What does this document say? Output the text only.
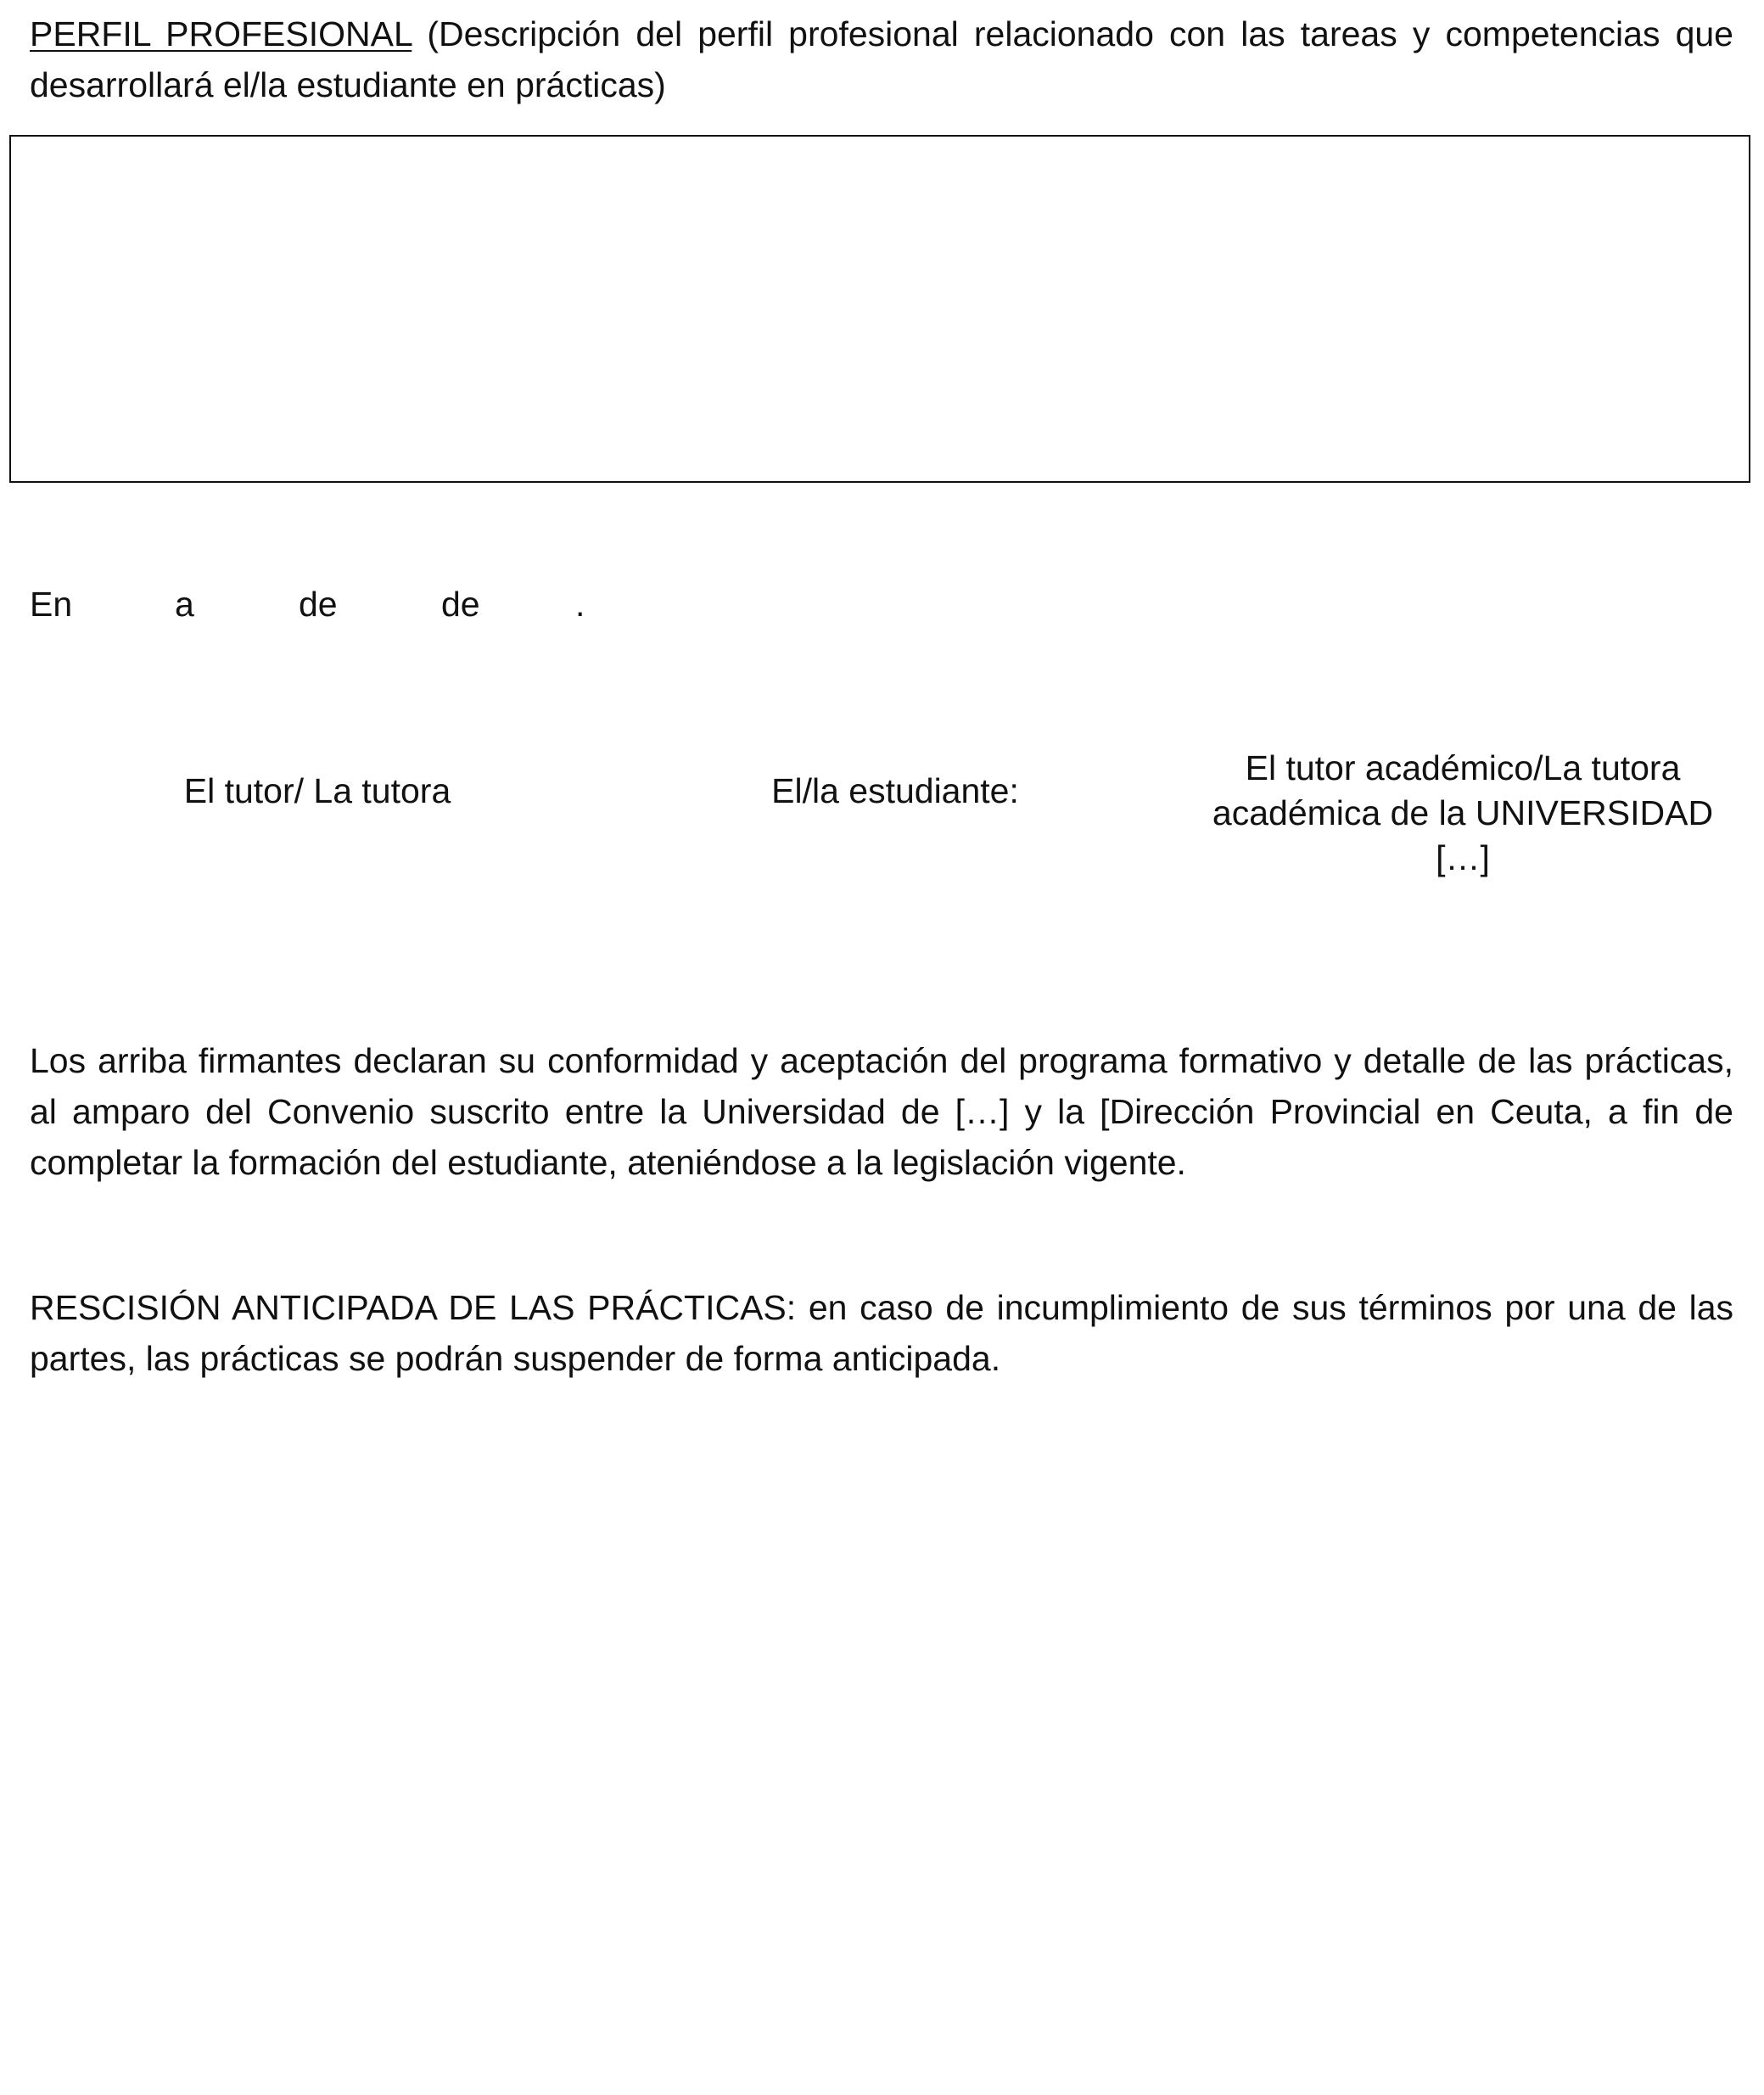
PERFIL PROFESIONAL (Descripción del perfil profesional relacionado con las tareas y competencias que desarrollará el/la estudiante en prácticas)

En	a	de	de	.
El tutor/ La tutora	El/la estudiante:
El tutor académico/La tutora
académica de la UNIVERSIDAD […]

Los arriba firmantes declaran su conformidad y aceptación del programa formativo y detalle de las prácticas, al amparo del Convenio suscrito entre la Universidad de […] y la [Dirección Provincial en Ceuta, a fin de completar la formación del estudiante, ateniéndose a la legislación vigente.

RESCISIÓN ANTICIPADA DE LAS PRÁCTICAS: en caso de incumplimiento de sus términos por una de las partes, las prácticas se podrán suspender de forma anticipada.
